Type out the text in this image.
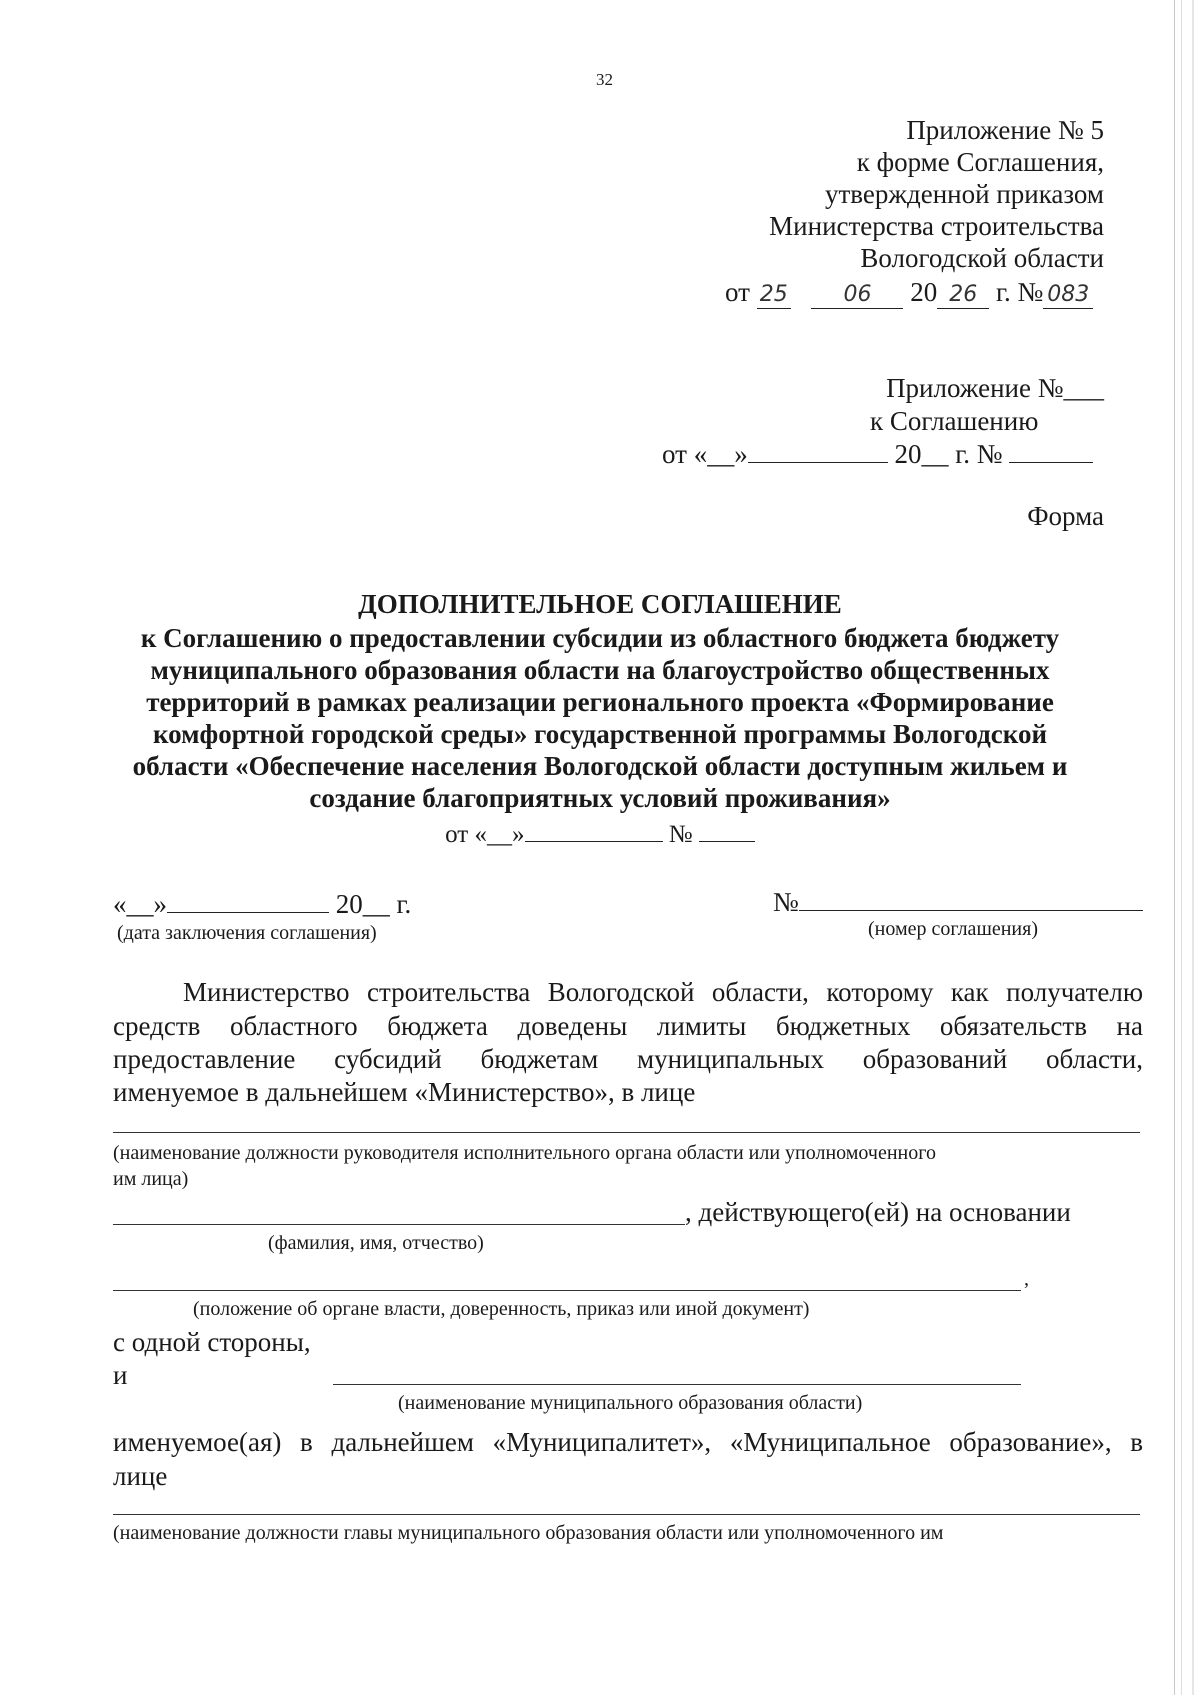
32
Приложение № 5
к форме Соглашения,
утвержденной приказом
Министерства строительства
Вологодской области
от 25	06 20 26 г. № 083
Приложение №___
к Соглашению
от «__»	20__ г. №
Форма
ДОПОЛНИТЕЛЬНОЕ СОГЛАШЕНИЕ
к Соглашению о предоставлении субсидии из областного бюджета бюджету
муниципального образования области на благоустройство общественных
территорий в рамках реализации регионального проекта «Формирование
комфортной городской среды» государственной программы Вологодской
области «Обеспечение населения Вологодской области доступным жильем и
создание благоприятных условий проживания»
от «__»	№
«__»	20__ г.
(дата заключения соглашения)
№
(номер соглашения)
Министерство строительства Вологодской области, которому как получателю
средств областного бюджета доведены лимиты бюджетных обязательств на
предоставление субсидий бюджетам муниципальных образований области,
именуемое в дальнейшем «Министерство», в лице
(наименование должности руководителя исполнительного органа области или уполномоченного
им лица)
, действующего(ей) на основании
(фамилия, имя, отчество)
,
(положение об органе власти, доверенность, приказ или иной документ)
с одной стороны,
и
(наименование муниципального образования области)
именуемое(ая) в дальнейшем «Муниципалитет», «Муниципальное образование», в
лице
(наименование должности главы муниципального образования области или уполномоченного им
